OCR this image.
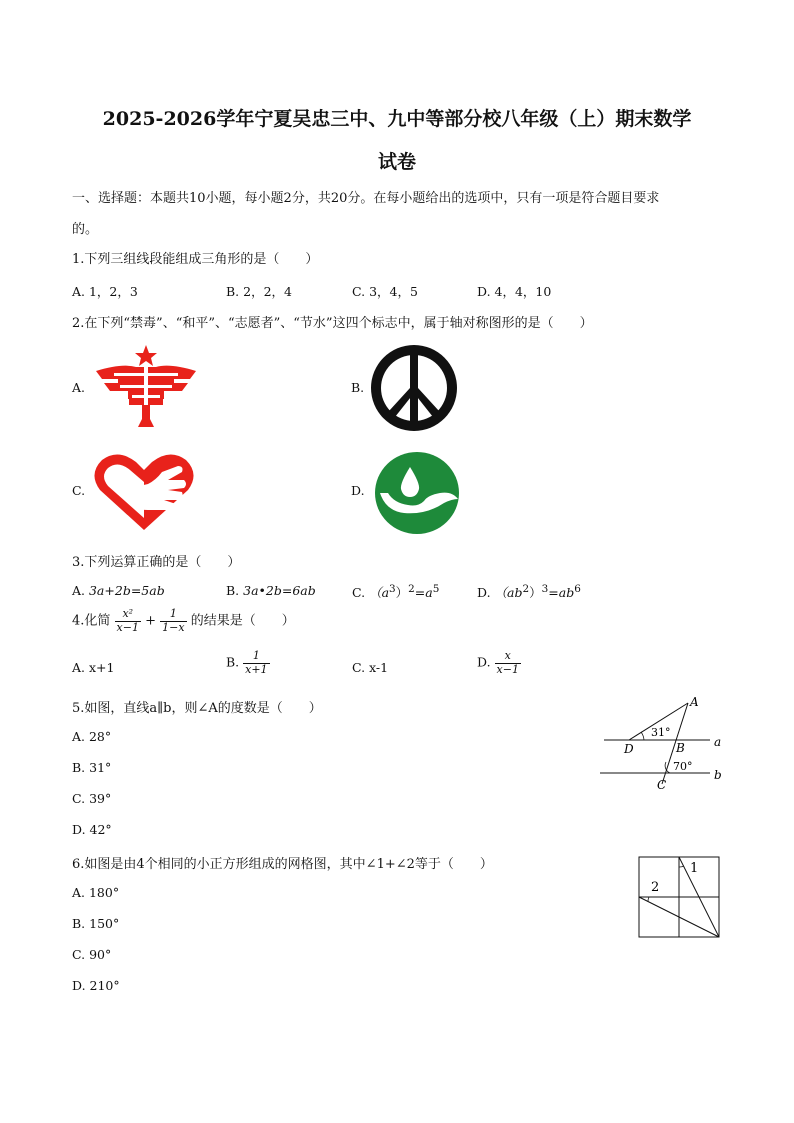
2025-2026学年宁夏吴忠三中、九中等部分校八年级（上）期末数学
试卷
一、选择题：本题共10小题，每小题2分，共20分。在每小题给出的选项中，只有一项是符合题目要求
的。
1.下列三组线段能组成三角形的是（　　）
A. 1，2，3	B. 2，2，4	C. 3，4，5	D. 4，4，10
2.在下列“禁毒”、“和平”、“志愿者”、“节水”这四个标志中，属于轴对称图形的是（　　）
A.	B.
C.	D.
3.下列运算正确的是（　　）
A. 3a+2b=5ab	B. 3a•2b=6ab	C. $(a^3)^2=a^5$	D. $(ab^2)^3=ab^6$
4.化简 $\frac{\text{x²}}{x-1} + \frac{1}{1-x}$ 的结果是（　　）
A. x+1	B. $\frac{1}{x+1}$	C. x-1	D. $\frac{x}{x-1}$
5.如图，直线a∥b，则∠A的度数是（　　）
A. 28°
B. 31°
C. 39°
D. 42°
A
B
C
D	a
b
31°
70°
6.如图是由4个相同的小正方形组成的网格图，其中∠1+∠2等于（　　）
A. 180°
B. 150°
C. 90°
D. 210°
1
2
